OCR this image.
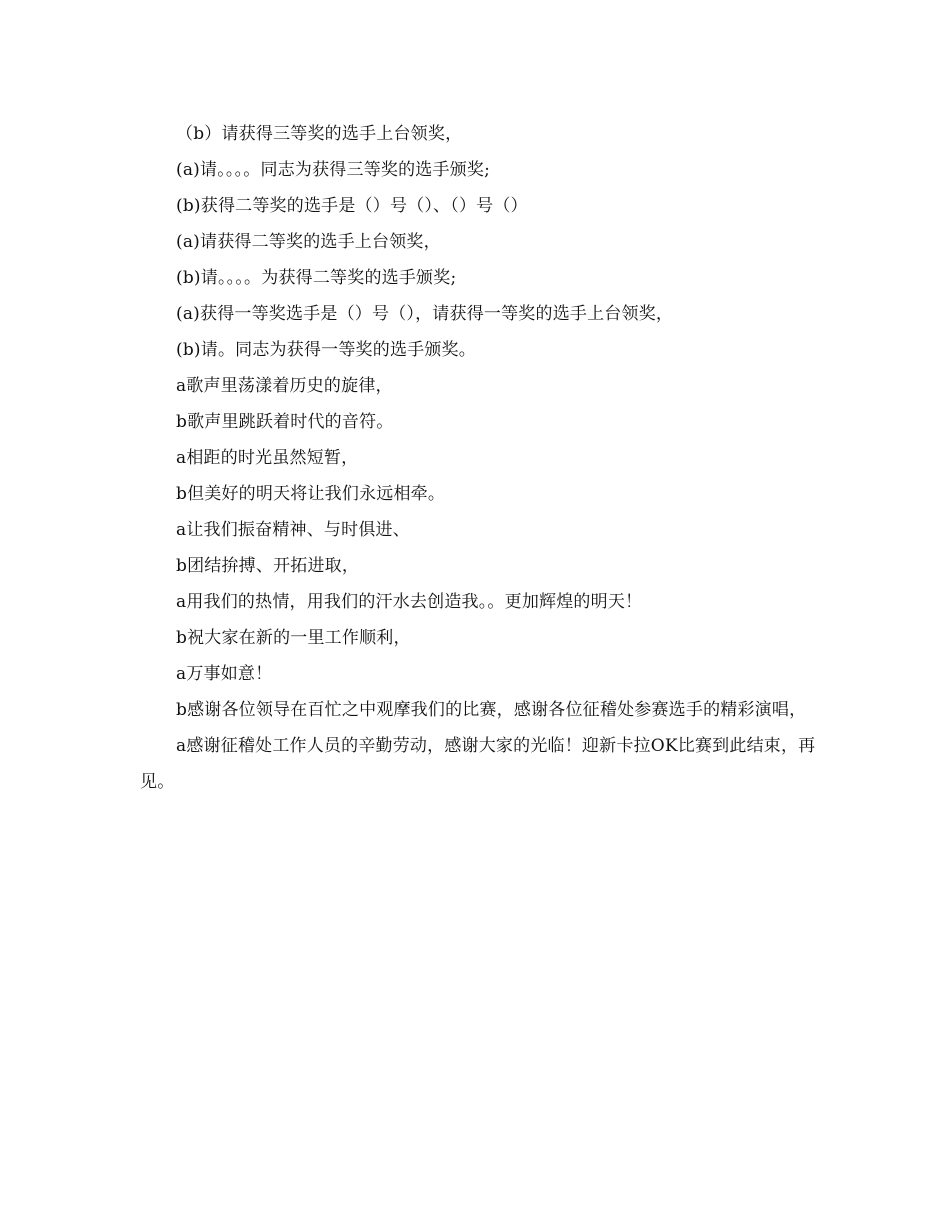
（b）请获得三等奖的选手上台领奖，

(a)请。。。。同志为获得三等奖的选手颁奖;

(b)获得二等奖的选手是（）号（）、（）号（）

(a)请获得二等奖的选手上台领奖，

(b)请。。。。为获得二等奖的选手颁奖;

(a)获得一等奖选手是（）号（），请获得一等奖的选手上台领奖，

(b)请。同志为获得一等奖的选手颁奖。

a歌声里荡漾着历史的旋律，

b歌声里跳跃着时代的音符。

a相距的时光虽然短暂，

b但美好的明天将让我们永远相牵。

a让我们振奋精神、与时俱进、

b团结拚搏、开拓进取，

a用我们的热情，用我们的汗水去创造我。。更加辉煌的明天！

b祝大家在新的一里工作顺利，

a万事如意！

b感谢各位领导在百忙之中观摩我们的比赛，感谢各位征稽处参赛选手的精彩演唱，

a感谢征稽处工作人员的辛勤劳动，感谢大家的光临！迎新卡拉OK比赛到此结束，再见。
